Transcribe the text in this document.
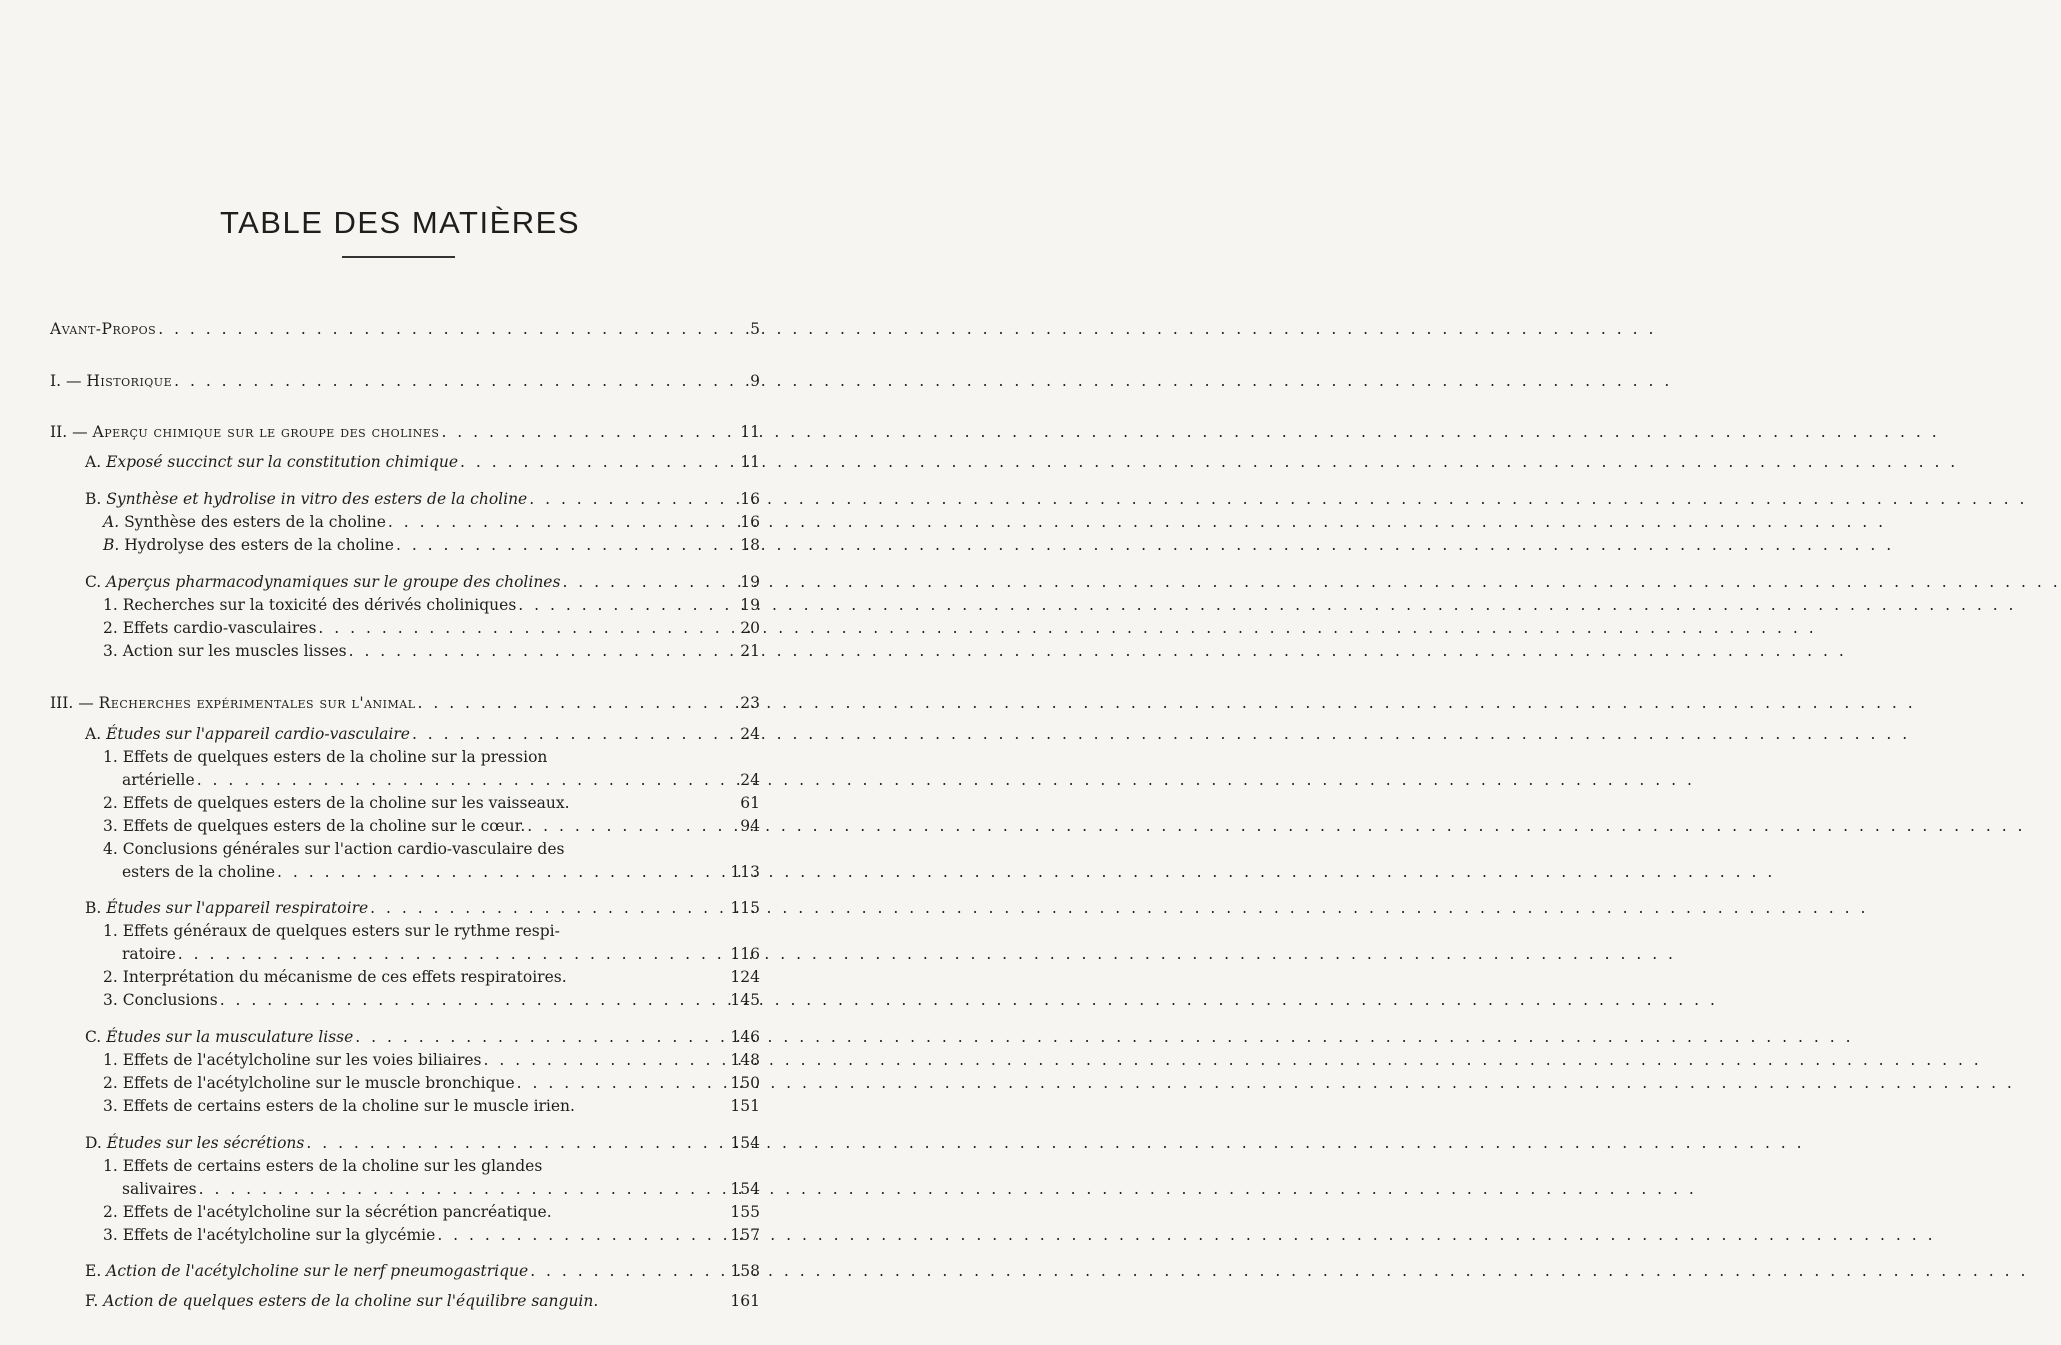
TABLE DES MATIÈRES
Avant-Propos . . .	5
I. — Historique . . .	9
II. — Aperçu chimique sur le groupe des cholines . . .	11
A. Exposé succinct sur la constitution chimique . . .	11
B. Synthèse et hydrolise in vitro des esters de la choline . . .	16
A. Synthèse des esters de la choline . . .	16
B. Hydrolyse des esters de la choline . . .	18
C. Aperçus pharmacodynamiques sur le groupe des cholines . . .	19
1. Recherches sur la toxicité des dérivés choliniques . . .	19
2. Effets cardio-vasculaires . . .	20
3. Action sur les muscles lisses . . .	21
III. — Recherches expérimentales sur l'animal . . .	23
A. Études sur l'appareil cardio-vasculaire . . .	24
1. Effets de quelques esters de la choline sur la pression
artérielle . . .	24
2. Effets de quelques esters de la choline sur les vaisseaux.	61
3. Effets de quelques esters de la choline sur le cœur. . . .	94
4. Conclusions générales sur l'action cardio-vasculaire des
esters de la choline . . .	113
B. Études sur l'appareil respiratoire . . .	115
1. Effets généraux de quelques esters sur le rythme respi-
ratoire . . .	116
2. Interprétation du mécanisme de ces effets respiratoires.	124
3. Conclusions . . .	145
C. Études sur la musculature lisse . . .	146
1. Effets de l'acétylcholine sur les voies biliaires . . .	148
2. Effets de l'acétylcholine sur le muscle bronchique . . .	150
3. Effets de certains esters de la choline sur le muscle irien.	151
D. Études sur les sécrétions . . .	154
1. Effets de certains esters de la choline sur les glandes
salivaires . . .	154
2. Effets de l'acétylcholine sur la sécrétion pancréatique.	155
3. Effets de l'acétylcholine sur la glycémie . . .	157
E. Action de l'acétylcholine sur le nerf pneumogastrique . . .	158
F. Action de quelques esters de la choline sur l'équilibre sanguin.	161
